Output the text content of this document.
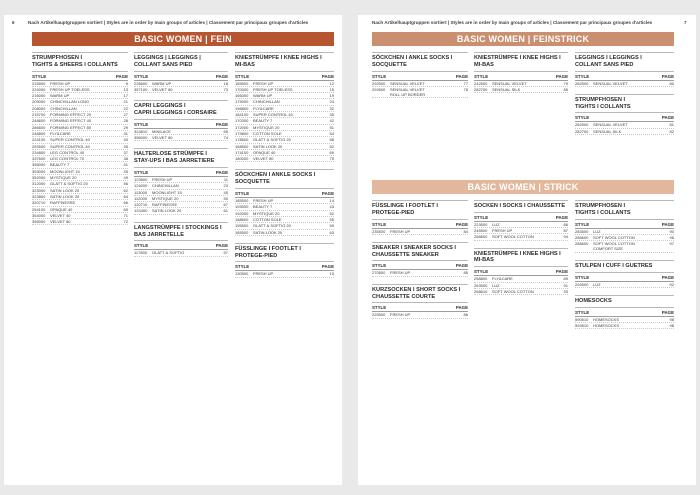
6	Nach Artikelhauptgruppen sortiert | Styles are in order by main groups of articles | Classement par principaux groupes d'articles
BASIC WOMEN | FEIN
STRUMPFHOSEN I
TIGHTS & SHEERS I COLLANTS
STYLE	PAGE
215500	FRESH UP	9
224000	FRESH UP TOELESS	13
216000	WARM UP	17
209000	CHINCHILLAN LONG	21
208000	CHINCHILLAN	22
215700	FORMING EFFECT 20	27
248600	FORMING EFFECT 40	28
286600	FORMING EFFECT 80	29
248800	FLY&CARE	31
224100	SUPER CONTROL 40	34
253500	SUPER CONTROL 40	35
234800	LEG CONTROL 40	37
337600	LEG CONTROL 70	38
355000	BEAUTY 7	41
353000	MOONLIGHT 15	45
352000	MYSTIQUE 20	49
312000	GLATT & SOFTIG 20	56
323000	SATIN LOOK 20	62
323800	SATIN LOOK 20	64
320710	RAFFINESSE	66
254100	OPAQUE 40	69
354000	VELVET 40	71
355000	VELVET 80	72
LEGGINGS | LEGGINGS |
COLLANT SANS PIED
STYLE	PAGE
226600	WARM UP	18
357100	VELVET 80	73
CAPRI LEGGINGS I
CAPRI LEGGINGS I CORSAIRE
STYLE	PAGE
324810	MINILACE	65
356000	VELVET 80	74
HALTERLOSE STRÜMPFE I
STAY-UPS I BAS JARRETIERE
STYLE	PAGE
123500	FRESH UP	11
124000	CHINCHILLAN	23
113000	MOONLIGHT 15	45
112000	MYSTIQUE 20	50
120710	RAFFINESSE	67
124400	SATIN LOOK 20	61
LANGSTRÜMPFE I STOCKINGS I
BAS JARRETELLE
STYLE	PAGE
117800	GLATT & SOFTIG	57
KNIESTRÜMPFE I KNEE HIGHS I
MI-BAS
STYLE	PAGE
165500	FRESH UP	12
170000	FRESH UP TOELESS	15
166000	WARM UP	19
179000	CHINCHILLAN	24
198800	FLY&CARE	32
184100	SUPER CONTROL 40	35
170300	BEAUTY 7	42
172000	MYSTIQUE 20	51
179800	COTTON SOLE	54
178600	GLATT & SOFTIG 20	58
168500	SATIN LOOK 20	62
174100	OPAQUE 40	69
180000	VELVET 80	75
SÖCKCHEN I ANKLE SOCKS I
SOCQUETTE
STYLE	PAGE
185500	FRESH UP	14
193000	BEAUTY 7	43
192000	MYSTIQUE 20	52
188600	COTTON SOLE	55
195500	GLATT & SOFTIG 20	59
185500	SATIN LOOK 20	63
FÜSSLINGE I FOOTLET I
PROTEGE-PIED
STYLE	PAGE
130500	FRESH UP	15
Nach Artikelhauptgruppen sortiert | Styles are in order by main groups of articles | Classement par principaux groupes d'articles	7
BASIC WOMEN | FEINSTRICK
SÖCKCHEN I ANKLE SOCKS I
SOCQUETTE
STYLE	PAGE
292500	SENSUAL VELVET	77
292600	SENSUAL VELVET
ROLL UP BORDER
78
KNIESTRÜMPFE I KNEE HIGHS I
MI-BAS
STYLE	PAGE
242500	SENSUAL VELVET	79
282700	SENSUAL SILK	85
LEGGINGS I LEGGINGS I
COLLANT SANS PIED
STYLE	PAGE
282500	SENSUAL VELVET	80
STRUMPFHOSEN I
TIGHTS I COLLANTS
STYLE	PAGE
282500	SENSUAL VELVET	81
282700	SENSUAL SILK	82
BASIC WOMEN | STRICK
FÜSSLINGE I FOOTLET I
PROTEGE-PIED
STYLE	PAGE
235500	FRESH UP	84
SNEAKER I SNEAKER SOCKS I
CHAUSSETTE SNEAKER
STYLE	PAGE
270500	FRESH UP	85
KURZSOCKEN I SHORT SOCKS I
CHAUSSETTE COURTE
STYLE	PAGE
225500	FRESH UP	86
SOCKEN I SOCKS I CHAUSSETTE
STYLE	PAGE
223500	LUZ	86
245500	FRESH UP	87
258600	SOFT WOOL COTTON	94
KNIESTRÜMPFE I KNEE HIGHS I
MI-BAS
STYLE	PAGE
258800	FLY&CARE	89
263500	LUZ	91
268610	SOFT WOOL COTTON	93
STRUMPFHOSEN I
TIGHTS I COLLANTS
STYLE	PAGE
283500	LUZ	90
286600	SOFT WOOL COTTON	96
286600	SOFT WOOL COTTON
COMFORT SIZE
97
STULPEN I CUFF I GUETRES
STYLE	PAGE
293500	LUZ	92
HOMESOCKS
STYLE	PAGE
590510	HOMESOCKS	98
593510	HOMESOCKS	98
